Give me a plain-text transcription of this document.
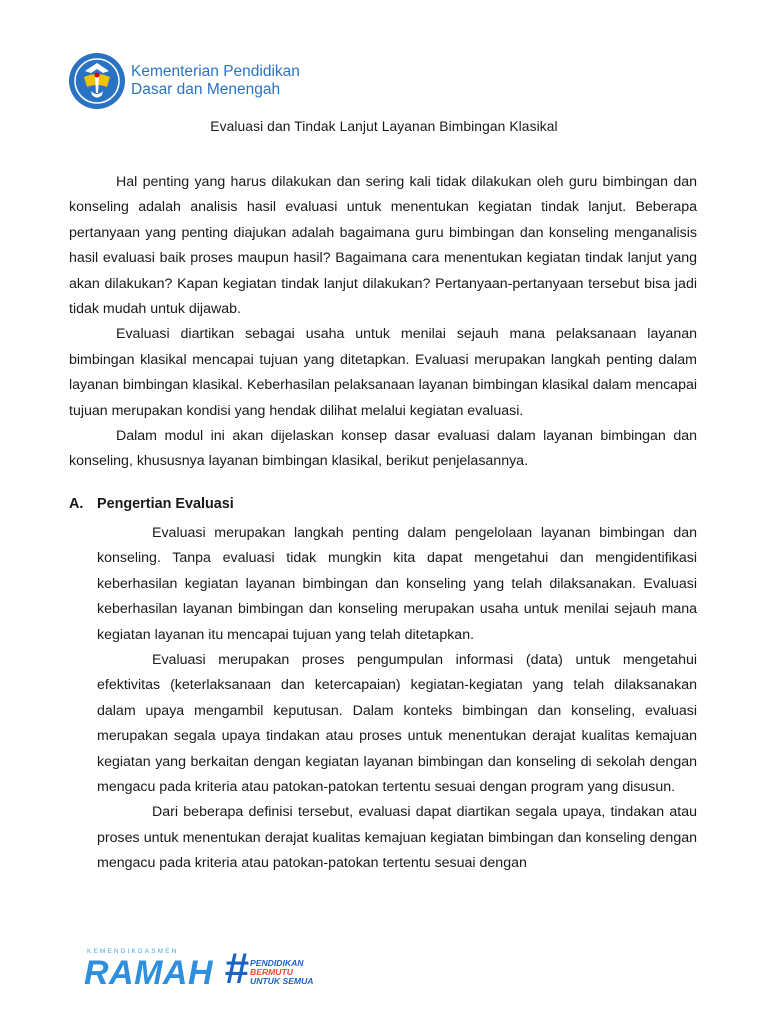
Kementerian Pendidikan
Dasar dan Menengah
Evaluasi dan Tindak Lanjut Layanan Bimbingan Klasikal

Hal penting yang harus dilakukan dan sering kali tidak dilakukan oleh guru bimbingan dan konseling adalah analisis hasil evaluasi untuk menentukan kegiatan tindak lanjut. Beberapa pertanyaan yang penting diajukan adalah bagaimana guru bimbingan dan konseling menganalisis hasil evaluasi baik proses maupun hasil? Bagaimana cara menentukan kegiatan tindak lanjut yang akan dilakukan? Kapan kegiatan tindak lanjut dilakukan? Pertanyaan-pertanyaan tersebut bisa jadi tidak mudah untuk dijawab.

Evaluasi diartikan sebagai usaha untuk menilai sejauh mana pelaksanaan layanan bimbingan klasikal mencapai tujuan yang ditetapkan. Evaluasi merupakan langkah penting dalam layanan bimbingan klasikal. Keberhasilan pelaksanaan layanan bimbingan klasikal dalam mencapai tujuan merupakan kondisi yang hendak dilihat melalui kegiatan evaluasi.

Dalam modul ini akan dijelaskan konsep dasar evaluasi dalam layanan bimbingan dan konseling, khususnya layanan bimbingan klasikal, berikut penjelasannya.

A. Pengertian Evaluasi

Evaluasi merupakan langkah penting dalam pengelolaan layanan bimbingan dan konseling. Tanpa evaluasi tidak mungkin kita dapat mengetahui dan mengidentifikasi keberhasilan kegiatan layanan bimbingan dan konseling yang telah dilaksanakan. Evaluasi keberhasilan layanan bimbingan dan konseling merupakan usaha untuk menilai sejauh mana kegiatan layanan itu mencapai tujuan yang telah ditetapkan.

Evaluasi merupakan proses pengumpulan informasi (data) untuk mengetahui efektivitas (keterlaksanaan dan ketercapaian) kegiatan-kegiatan yang telah dilaksanakan dalam upaya mengambil keputusan. Dalam konteks bimbingan dan konseling, evaluasi merupakan segala upaya tindakan atau proses untuk menentukan derajat kualitas kemajuan kegiatan yang berkaitan dengan kegiatan layanan bimbingan dan konseling di sekolah dengan mengacu pada kriteria atau patokan-patokan tertentu sesuai dengan program yang disusun.

Dari beberapa definisi tersebut, evaluasi dapat diartikan segala upaya, tindakan atau proses untuk menentukan derajat kualitas kemajuan kegiatan bimbingan dan konseling dengan mengacu pada kriteria atau patokan-patokan tertentu sesuai dengan

KEMENDIKDASMEN
RAMAH # PENDIDIKAN
BERMUTU
UNTUK SEMUA
